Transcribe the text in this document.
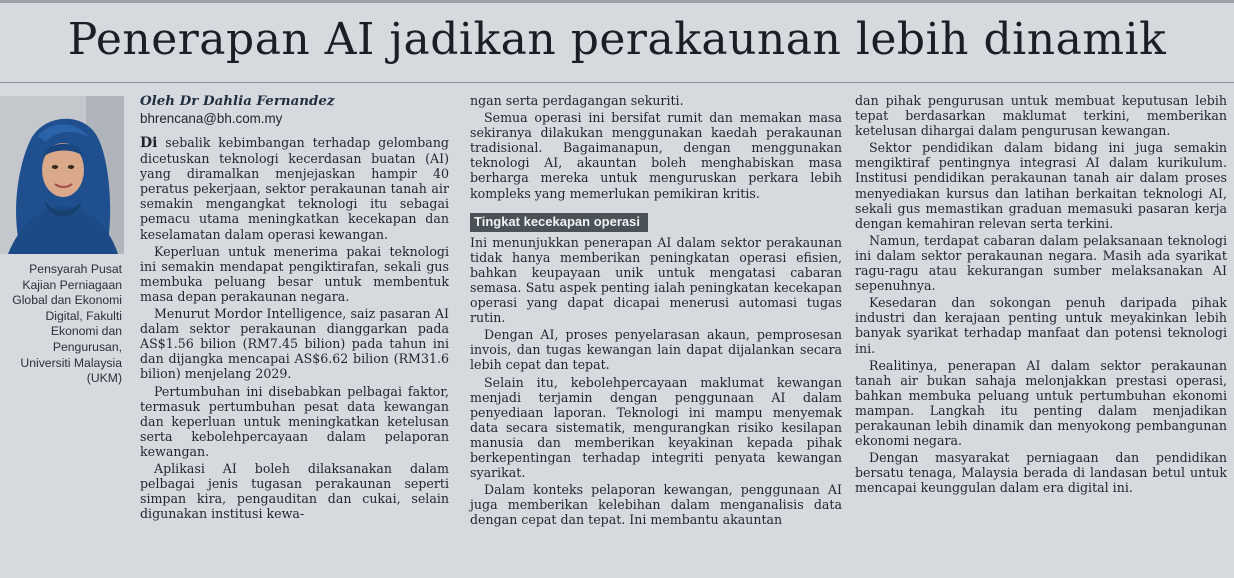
Penerapan AI jadikan perakaunan lebih dinamik
Pensyarah Pusat Kajian Perniagaan Global dan Ekonomi Digital, Fakulti Ekonomi dan Pengurusan, Universiti Malaysia (UKM)
Oleh Dr Dahlia Fernandez
bhrencana@bh.com.my

Di sebalik kebimbangan terhadap gelombang dicetuskan teknologi kecerdasan buatan (AI) yang diramalkan menjejaskan hampir 40 peratus pekerjaan, sektor perakaunan tanah air semakin mengangkat teknologi itu sebagai pemacu utama meningkatkan kecekapan dan keselamatan dalam operasi kewangan.

Keperluan untuk menerima pakai teknologi ini semakin mendapat pengiktirafan, sekali gus membuka peluang besar untuk membentuk masa depan perakaunan negara.

Menurut Mordor Intelligence, saiz pasaran AI dalam sektor perakaunan dianggarkan pada AS$1.56 bilion (RM7.45 bilion) pada tahun ini dan dijangka mencapai AS$6.62 bilion (RM31.6 bilion) menjelang 2029.

Pertumbuhan ini disebabkan pelbagai faktor, termasuk pertumbuhan pesat data kewangan dan keperluan untuk meningkatkan ketelusan serta kebolehpercayaan dalam pelaporan kewangan.

Aplikasi AI boleh dilaksanakan dalam pelbagai jenis tugasan perakaunan seperti simpan kira, pengauditan dan cukai, selain digunakan institusi kewa-

ngan serta perdagangan sekuriti.

Semua operasi ini bersifat rumit dan memakan masa sekiranya dilakukan menggunakan kaedah perakaunan tradisional. Bagaimanapun, dengan menggunakan teknologi AI, akauntan boleh menghabiskan masa berharga mereka untuk menguruskan perkara lebih kompleks yang memerlukan pemikiran kritis.

Tingkat kecekapan operasi

Ini menunjukkan penerapan AI dalam sektor perakaunan tidak hanya memberikan peningkatan operasi efisien, bahkan keupayaan unik untuk mengatasi cabaran semasa. Satu aspek penting ialah peningkatan kecekapan operasi yang dapat dicapai menerusi automasi tugas rutin.

Dengan AI, proses penyelarasan akaun, pemprosesan invois, dan tugas kewangan lain dapat dijalankan secara lebih cepat dan tepat.

Selain itu, kebolehpercayaan maklumat kewangan menjadi terjamin dengan penggunaan AI dalam penyediaan laporan. Teknologi ini mampu menyemak data secara sistematik, mengurangkan risiko kesilapan manusia dan memberikan keyakinan kepada pihak berkepentingan terhadap integriti penyata kewangan syarikat.

Dalam konteks pelaporan kewangan, penggunaan AI juga memberikan kelebihan dalam menganalisis data dengan cepat dan tepat. Ini membantu akauntan

dan pihak pengurusan untuk membuat keputusan lebih tepat berdasarkan maklumat terkini, memberikan ketelusan dihargai dalam pengurusan kewangan.

Sektor pendidikan dalam bidang ini juga semakin mengiktiraf pentingnya integrasi AI dalam kurikulum. Institusi pendidikan perakaunan tanah air dalam proses menyediakan kursus dan latihan berkaitan teknologi AI, sekali gus memastikan graduan memasuki pasaran kerja dengan kemahiran relevan serta terkini.

Namun, terdapat cabaran dalam pelaksanaan teknologi ini dalam sektor perakaunan negara. Masih ada syarikat ragu-ragu atau kekurangan sumber melaksanakan AI sepenuhnya.

Kesedaran dan sokongan penuh daripada pihak industri dan kerajaan penting untuk meyakinkan lebih banyak syarikat terhadap manfaat dan potensi teknologi ini.

Realitinya, penerapan AI dalam sektor perakaunan tanah air bukan sahaja melonjakkan prestasi operasi, bahkan membuka peluang untuk pertumbuhan ekonomi mampan. Langkah itu penting dalam menjadikan perakaunan lebih dinamik dan menyokong pembangunan ekonomi negara.

Dengan masyarakat perniagaan dan pendidikan bersatu tenaga, Malaysia berada di landasan betul untuk mencapai keunggulan dalam era digital ini.
